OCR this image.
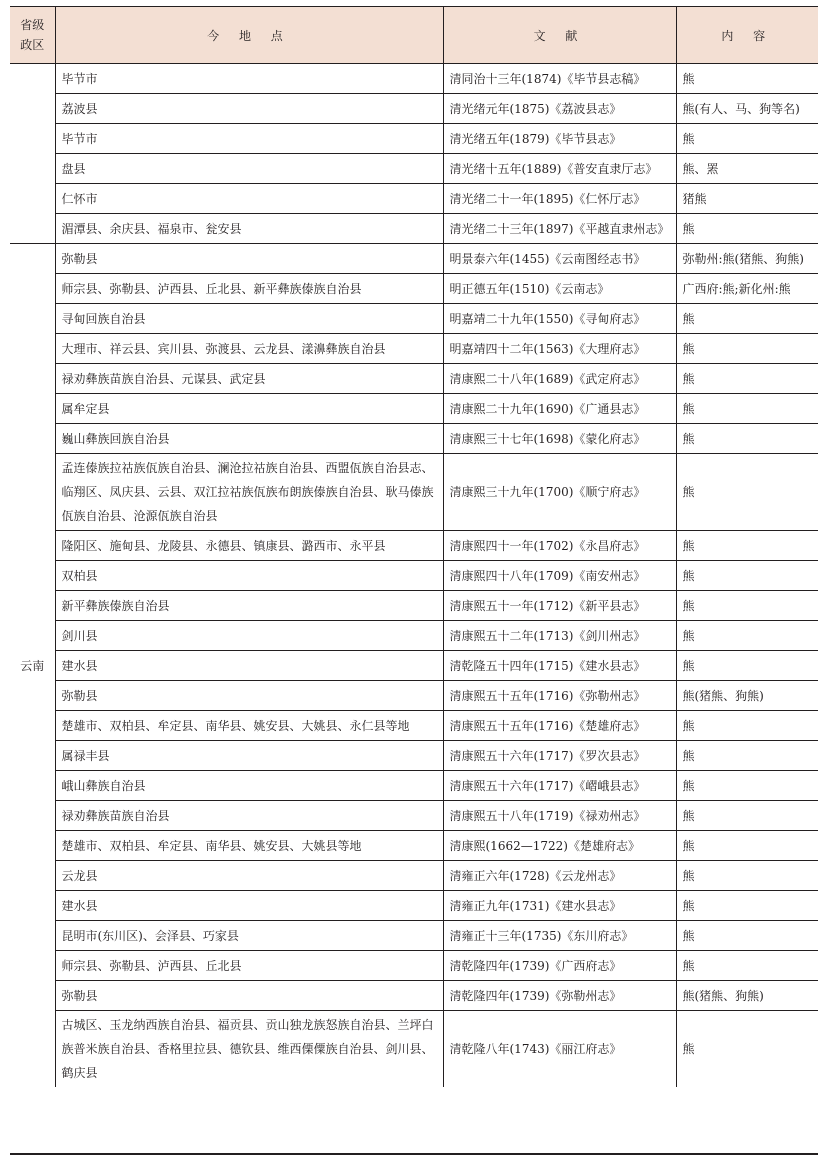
省级
政区	今 地 点	文 献	内 容
	毕节市	清同治十三年(1874)《毕节县志稿》	熊
	荔波县	清光绪元年(1875)《荔波县志》	熊(有人、马、狗等名)
	毕节市	清光绪五年(1879)《毕节县志》	熊
	盘县	清光绪十五年(1889)《普安直隶厅志》	熊、罴
	仁怀市	清光绪二十一年(1895)《仁怀厅志》	猪熊
	湄潭县、余庆县、福泉市、瓮安县	清光绪二十三年(1897)《平越直隶州志》	熊
云南	弥勒县	明景泰六年(1455)《云南图经志书》	弥勒州:熊(猪熊、狗熊)
	师宗县、弥勒县、泸西县、丘北县、新平彝族傣族自治县	明正德五年(1510)《云南志》	广西府:熊;新化州:熊
	寻甸回族自治县	明嘉靖二十九年(1550)《寻甸府志》	熊
	大理市、祥云县、宾川县、弥渡县、云龙县、漾濞彝族自治县	明嘉靖四十二年(1563)《大理府志》	熊
	禄劝彝族苗族自治县、元谋县、武定县	清康熙二十八年(1689)《武定府志》	熊
	属牟定县	清康熙二十九年(1690)《广通县志》	熊
	巍山彝族回族自治县	清康熙三十七年(1698)《蒙化府志》	熊
	孟连傣族拉祜族佤族自治县、澜沧拉祜族自治县、西盟佤族自治县志、临翔区、凤庆县、云县、双江拉祜族佤族布朗族傣族自治县、耿马傣族佤族自治县、沧源佤族自治县	清康熙三十九年(1700)《顺宁府志》	熊
	隆阳区、施甸县、龙陵县、永德县、镇康县、潞西市、永平县	清康熙四十一年(1702)《永昌府志》	熊
	双柏县	清康熙四十八年(1709)《南安州志》	熊
	新平彝族傣族自治县	清康熙五十一年(1712)《新平县志》	熊
	剑川县	清康熙五十二年(1713)《剑川州志》	熊
	建水县	清乾隆五十四年(1715)《建水县志》	熊
	弥勒县	清康熙五十五年(1716)《弥勒州志》	熊(猪熊、狗熊)
	楚雄市、双柏县、牟定县、南华县、姚安县、大姚县、永仁县等地	清康熙五十五年(1716)《楚雄府志》	熊
	属禄丰县	清康熙五十六年(1717)《罗次县志》	熊
	峨山彝族自治县	清康熙五十六年(1717)《嶍峨县志》	熊
	禄劝彝族苗族自治县	清康熙五十八年(1719)《禄劝州志》	熊
	楚雄市、双柏县、牟定县、南华县、姚安县、大姚县等地	清康熙(1662—1722)《楚雄府志》	熊
	云龙县	清雍正六年(1728)《云龙州志》	熊
	建水县	清雍正九年(1731)《建水县志》	熊
	昆明市(东川区)、会泽县、巧家县	清雍正十三年(1735)《东川府志》	熊
	师宗县、弥勒县、泸西县、丘北县	清乾隆四年(1739)《广西府志》	熊
	弥勒县	清乾隆四年(1739)《弥勒州志》	熊(猪熊、狗熊)
	古城区、玉龙纳西族自治县、福贡县、贡山独龙族怒族自治县、兰坪白族普米族自治县、香格里拉县、德钦县、维西傈僳族自治县、剑川县、鹤庆县	清乾隆八年(1743)《丽江府志》	熊
